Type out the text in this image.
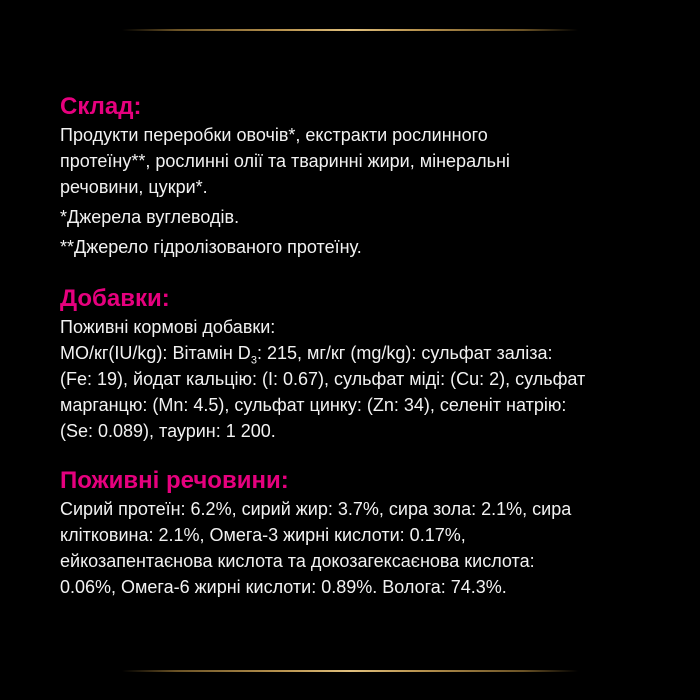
Склад:

Продукти переробки овочів*, екстракти рослинного

протеїну**, рослинні олії та тваринні жири, мінеральні

речовини, цукри*.

*Джерела вуглеводів.

**Джерело гідролізованого протеїну.

Добавки:

Поживні кормові добавки:

МО/кг(IU/kg): Вітамін $D_3$: 215, мг/кг (mg/kg): сульфат заліза:

(Fe: 19), йодат кальцію: (I: 0.67), сульфат міді: (Cu: 2), сульфат

марганцю: (Mn: 4.5), сульфат цинку: (Zn: 34), селеніт натрію:

(Se: 0.089), таурин: 1 200.

Поживні речовини:

Сирий протеїн: 6.2%, сирий жир: 3.7%, сира зола: 2.1%, сира

клітковина: 2.1%, Омега-3 жирні кислоти: 0.17%,

ейкозапентаєнова кислота та докозагексаєнова кислота:

0.06%, Омега-6 жирні кислоти: 0.89%. Волога: 74.3%.
